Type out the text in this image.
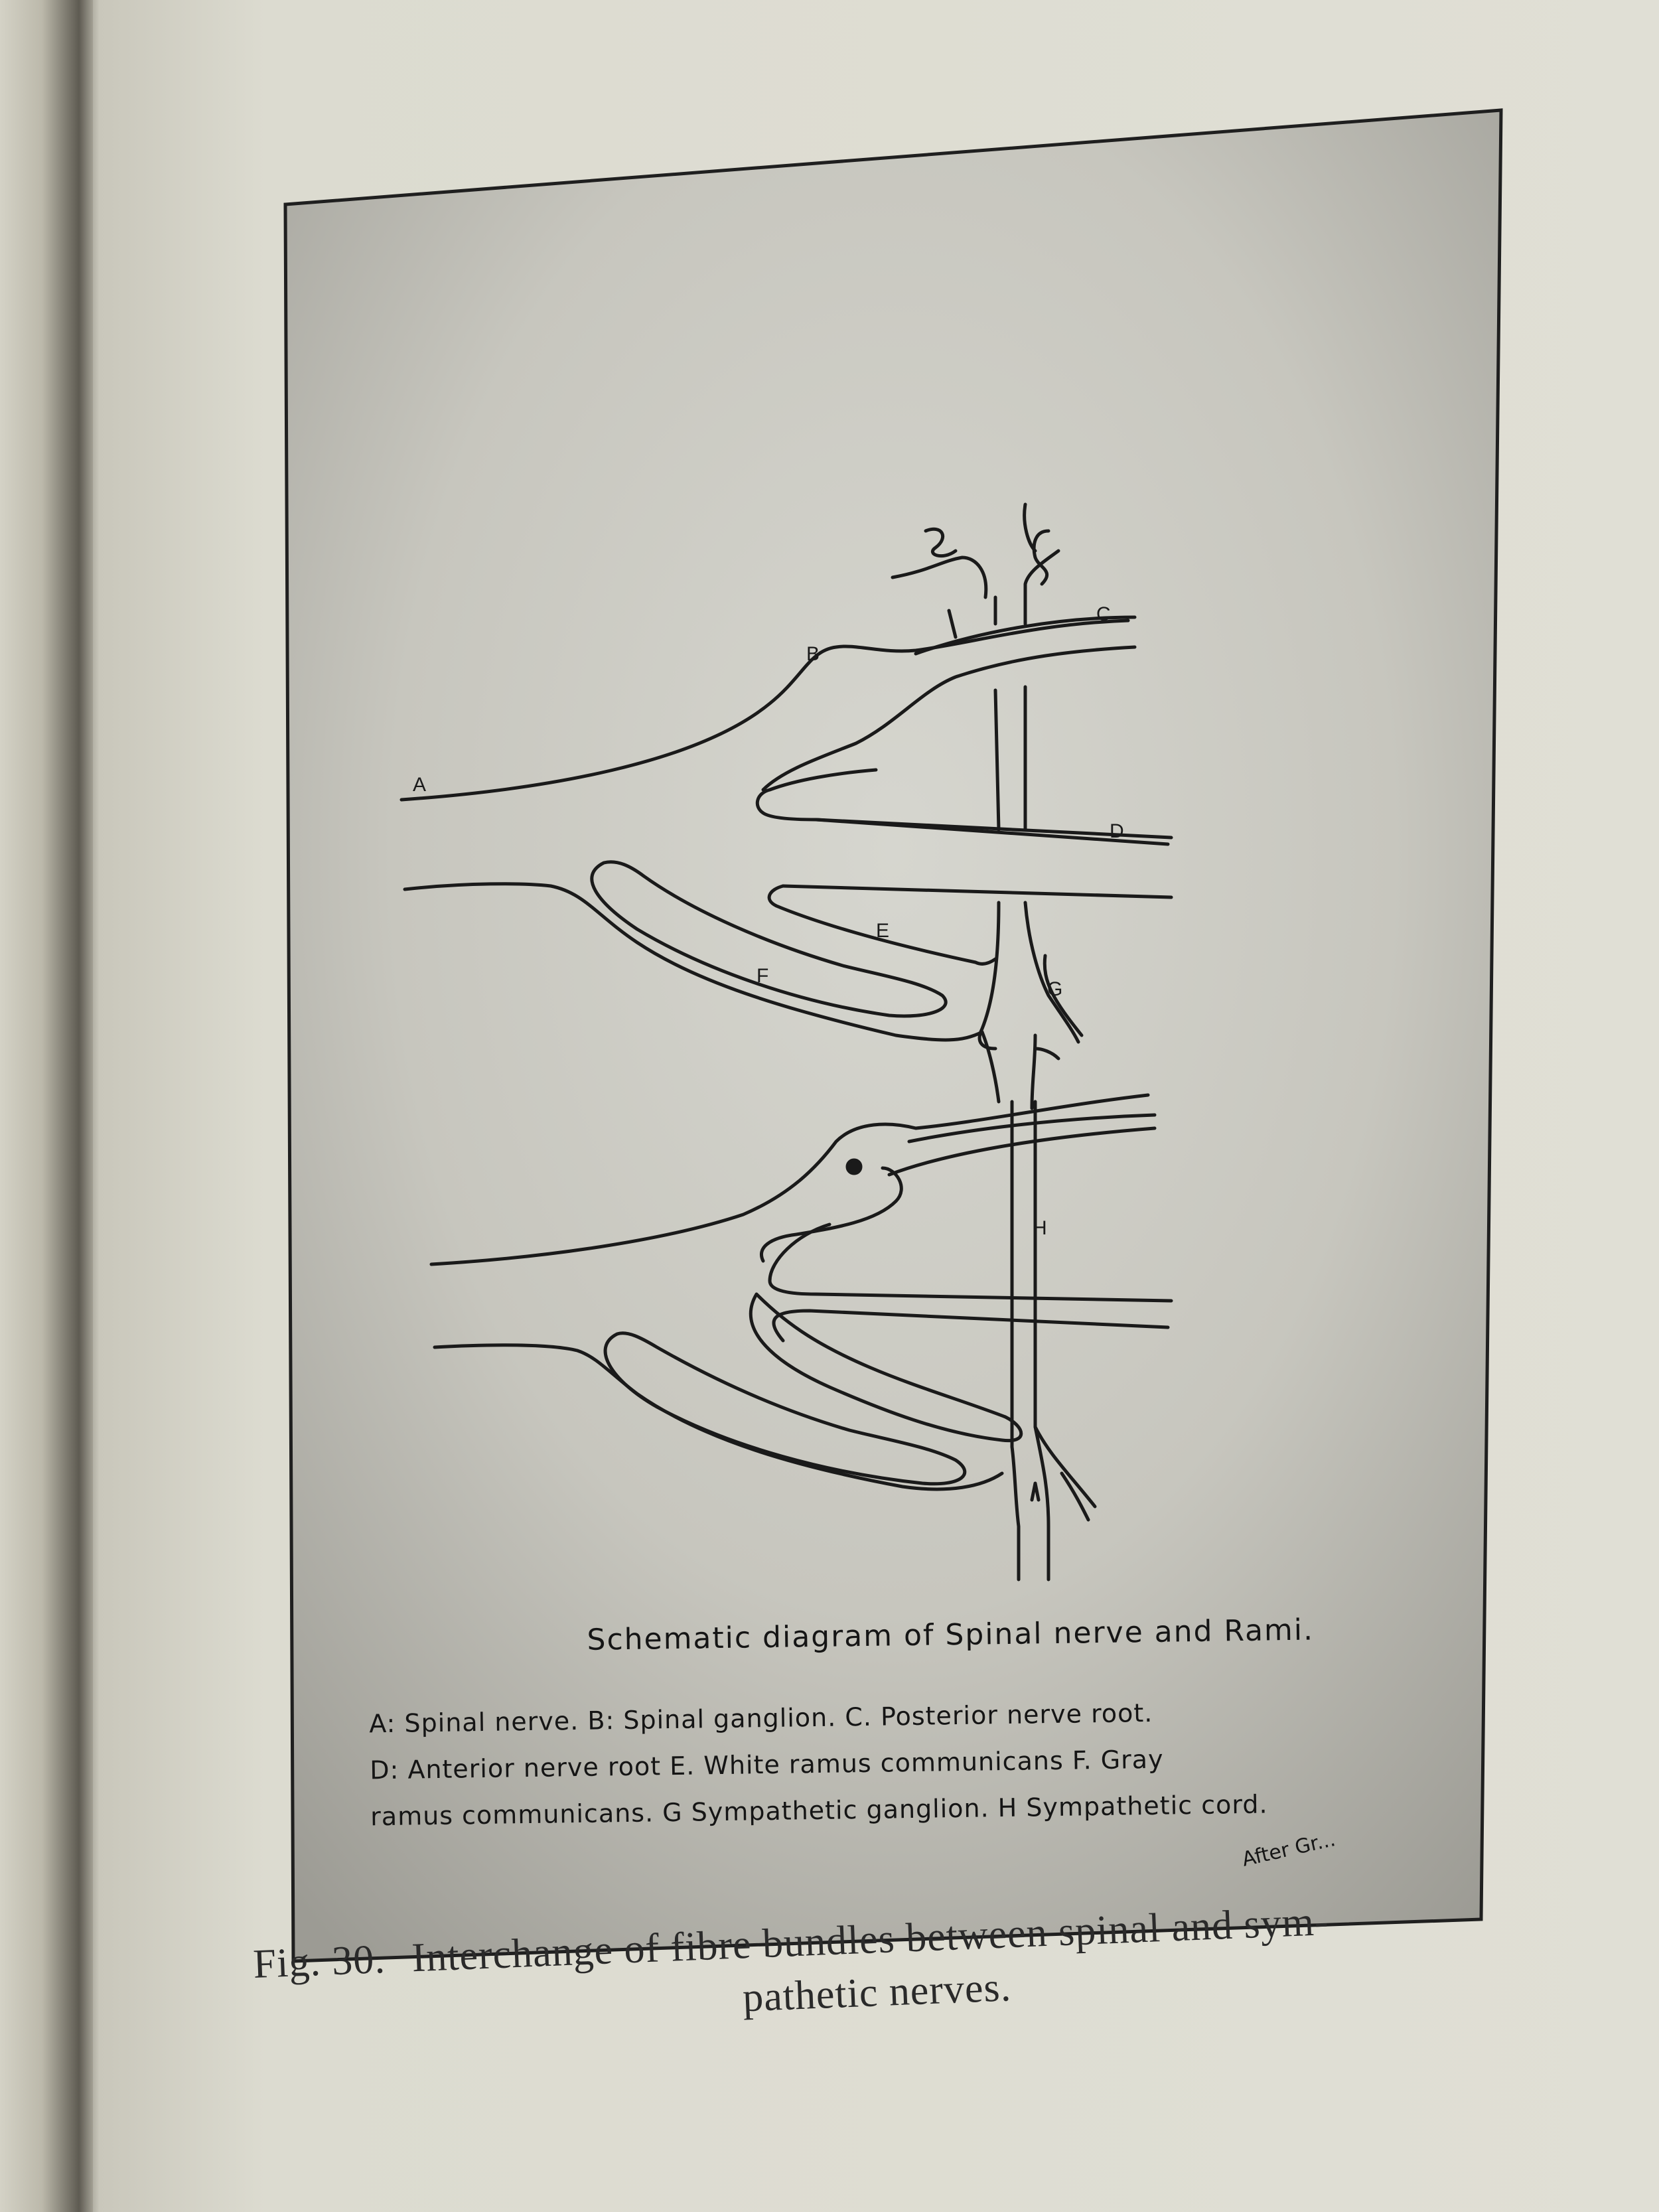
A
B
C
D
E
F
G
H
Schematic diagram of Spinal nerve and Rami.
A: Spinal nerve. B: Spinal ganglion. C. Posterior nerve root.
D: Anterior nerve root E. White ramus communicans F. Gray
ramus communicans. G Sympathetic ganglion. H Sympathetic cord.
After Gr...
Fig. 30. Interchange of fibre bundles between spinal and sym-
pathetic nerves.
